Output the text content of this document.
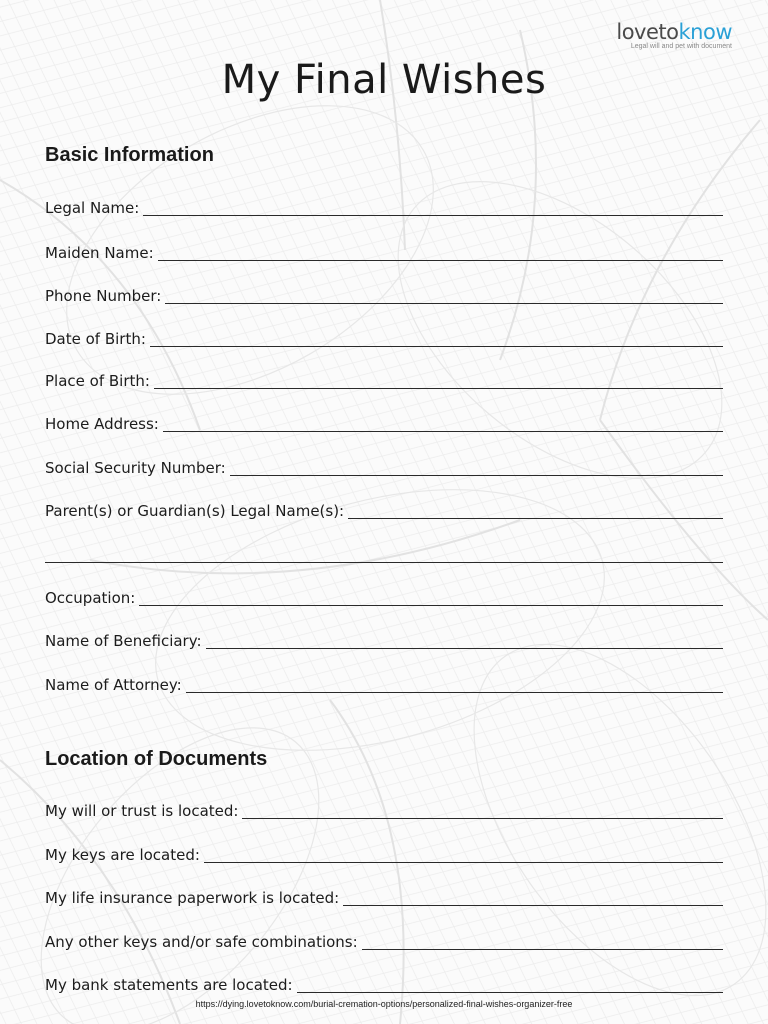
My Final Wishes
lovetoknow
Legal will and pet with document
Basic Information
Legal Name:
Maiden Name:
Phone Number:
Date of Birth:
Place of Birth:
Home Address:
Social Security Number:
Parent(s) or Guardian(s) Legal Name(s):
Occupation:
Name of Beneficiary:
Name of Attorney:
Location of Documents
My will or trust is located:
My keys are located:
My life insurance paperwork is located:
Any other keys and/or safe combinations:
My bank statements are located:
https://dying.lovetoknow.com/burial-cremation-options/personalized-final-wishes-organizer-free
